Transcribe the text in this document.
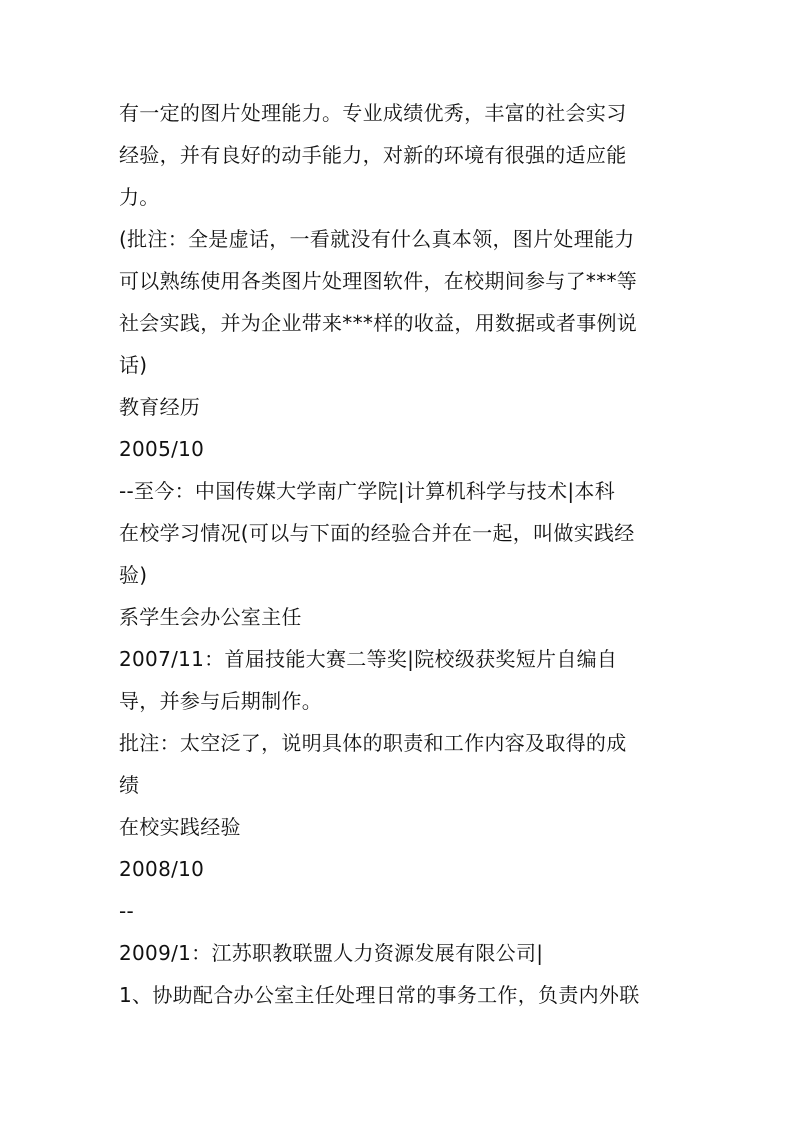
有一定的图片处理能力。专业成绩优秀，丰富的社会实习
经验，并有良好的动手能力，对新的环境有很强的适应能
力。
(批注：全是虚话，一看就没有什么真本领，图片处理能力
可以熟练使用各类图片处理图软件，在校期间参与了***等
社会实践，并为企业带来***样的收益，用数据或者事例说
话)
教育经历
2005/10
--至今：中国传媒大学南广学院|计算机科学与技术|本科
在校学习情况(可以与下面的经验合并在一起，叫做实践经
验)
系学生会办公室主任
2007/11：首届技能大赛二等奖|院校级获奖短片自编自
导，并参与后期制作。
批注：太空泛了，说明具体的职责和工作内容及取得的成
绩
在校实践经验
2008/10
--
2009/1：江苏职教联盟人力资源发展有限公司|
1、协助配合办公室主任处理日常的事务工作，负责内外联
